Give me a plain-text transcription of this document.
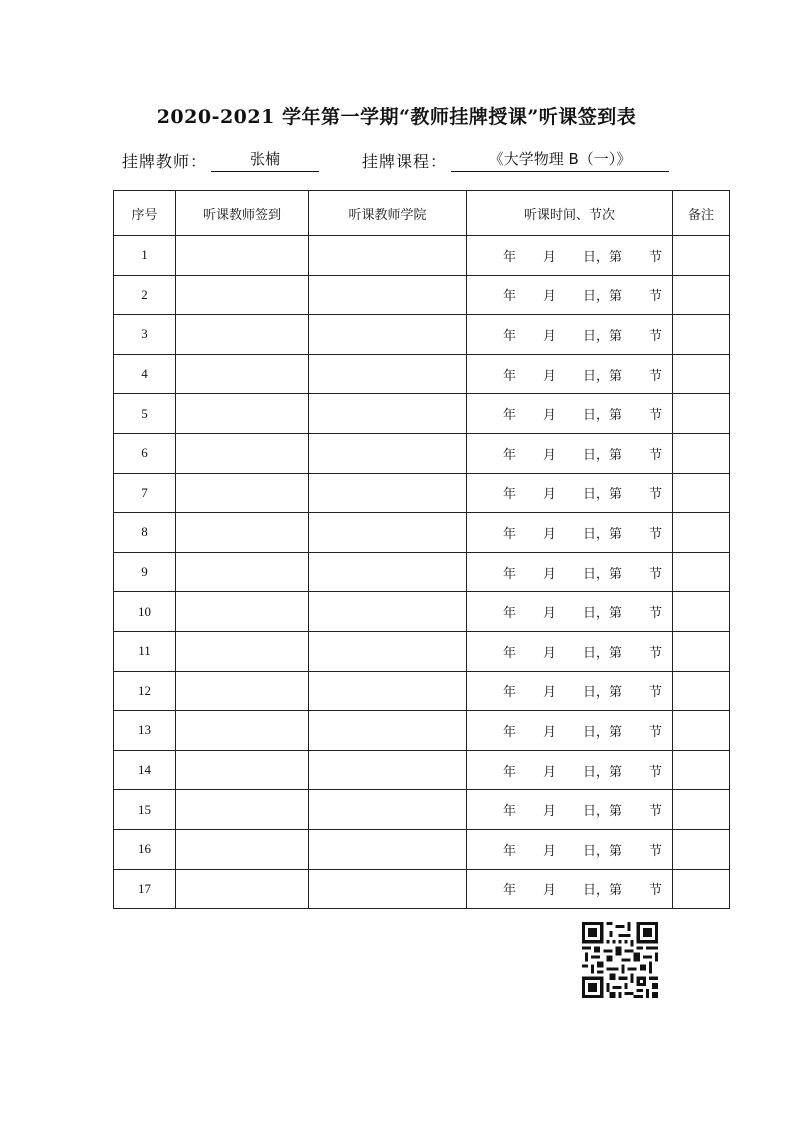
2020-2021 学年第一学期“教师挂牌授课”听课签到表
挂牌教师：	张楠	挂牌课程：	《大学物理 B（一）》
序号	听课教师签到	听课教师学院	听课时间、节次	备注
1			年 月 日，第 节	

2			年 月 日，第 节	

3			年 月 日，第 节	

4			年 月 日，第 节	

5			年 月 日，第 节	

6			年 月 日，第 节	

7			年 月 日，第 节	

8			年 月 日，第 节	

9			年 月 日，第 节	

10			年 月 日，第 节	

11			年 月 日，第 节	

12			年 月 日，第 节	

13			年 月 日，第 节	

14			年 月 日，第 节	

15			年 月 日，第 节	

16			年 月 日，第 节	

17			年 月 日，第 节	
